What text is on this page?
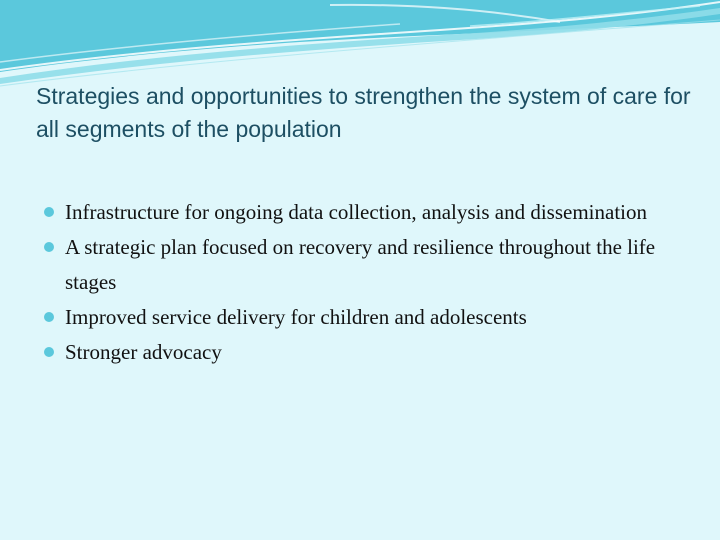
Strategies and opportunities to strengthen the system of care for all segments of the population
Infrastructure for ongoing data collection, analysis and dissemination
A strategic plan focused on recovery and resilience throughout the life stages
Improved service delivery for children and adolescents
Stronger advocacy
